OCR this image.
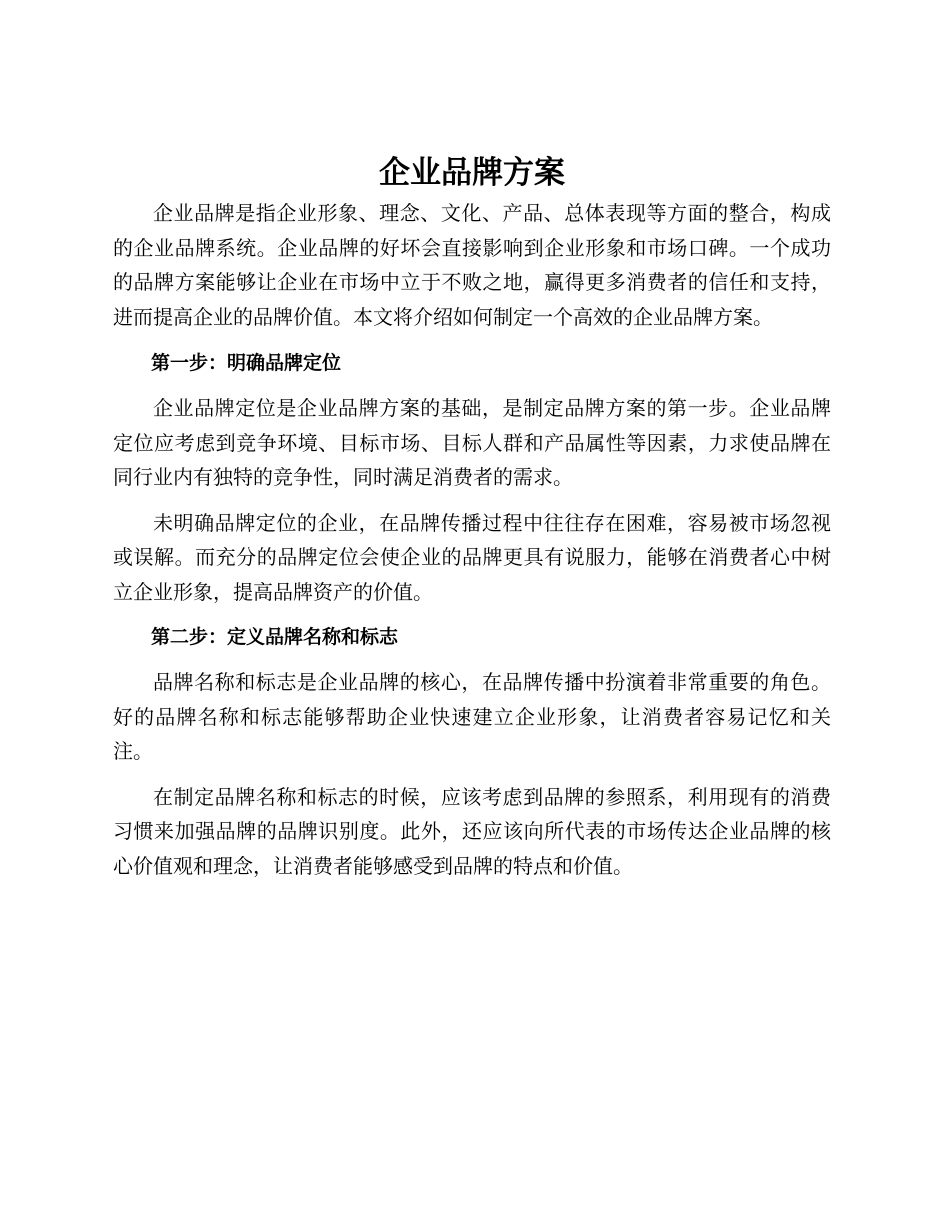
企业品牌方案

企业品牌是指企业形象、理念、文化、产品、总体表现等方面的整合，构成的企业品牌系统。企业品牌的好坏会直接影响到企业形象和市场口碑。一个成功的品牌方案能够让企业在市场中立于不败之地，赢得更多消费者的信任和支持，进而提高企业的品牌价值。本文将介绍如何制定一个高效的企业品牌方案。

第一步：明确品牌定位

企业品牌定位是企业品牌方案的基础，是制定品牌方案的第一步。企业品牌定位应考虑到竞争环境、目标市场、目标人群和产品属性等因素，力求使品牌在同行业内有独特的竞争性，同时满足消费者的需求。

未明确品牌定位的企业，在品牌传播过程中往往存在困难，容易被市场忽视或误解。而充分的品牌定位会使企业的品牌更具有说服力，能够在消费者心中树立企业形象，提高品牌资产的价值。

第二步：定义品牌名称和标志

品牌名称和标志是企业品牌的核心，在品牌传播中扮演着非常重要的角色。好的品牌名称和标志能够帮助企业快速建立企业形象，让消费者容易记忆和关注。

在制定品牌名称和标志的时候，应该考虑到品牌的参照系，利用现有的消费习惯来加强品牌的品牌识别度。此外，还应该向所代表的市场传达企业品牌的核心价值观和理念，让消费者能够感受到品牌的特点和价值。
